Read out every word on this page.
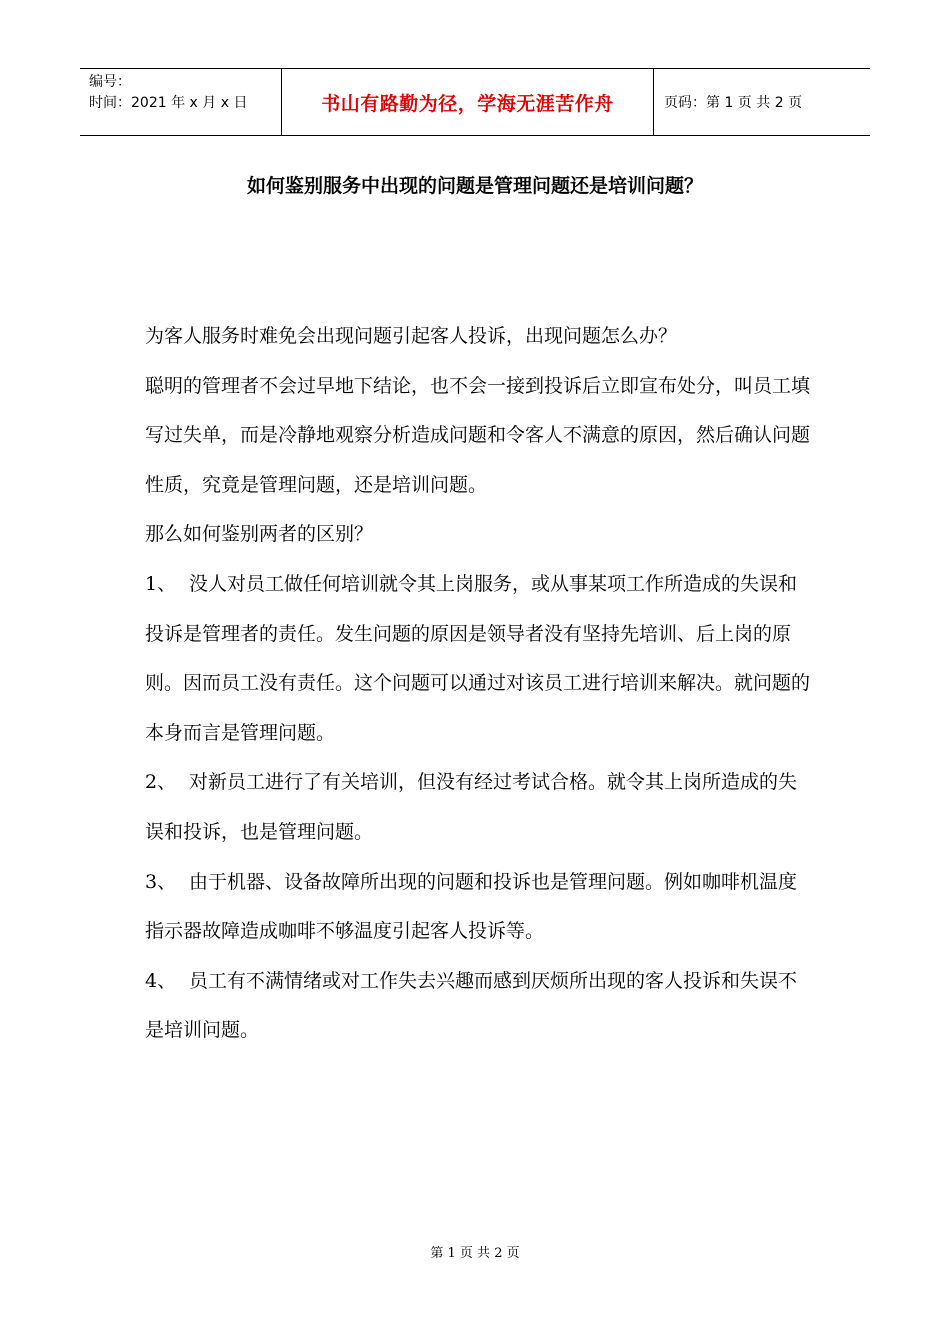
编号：
时间：2021 年 x 月 x 日	书山有路勤为径，学海无涯苦作舟	页码：第 1 页 共 2 页
如何鉴别服务中出现的问题是管理问题还是培训问题？

为客人服务时难免会出现问题引起客人投诉，出现问题怎么办？

聪明的管理者不会过早地下结论，也不会一接到投诉后立即宣布处分，叫员工填写过失单，而是冷静地观察分析造成问题和令客人不满意的原因，然后确认问题性质，究竟是管理问题，还是培训问题。

那么如何鉴别两者的区别？

1、 没人对员工做任何培训就令其上岗服务，或从事某项工作所造成的失误和投诉是管理者的责任。发生问题的原因是领导者没有坚持先培训、后上岗的原则。因而员工没有责任。这个问题可以通过对该员工进行培训来解决。就问题的本身而言是管理问题。

2、 对新员工进行了有关培训，但没有经过考试合格。就令其上岗所造成的失误和投诉，也是管理问题。

3、 由于机器、设备故障所出现的问题和投诉也是管理问题。例如咖啡机温度指示器故障造成咖啡不够温度引起客人投诉等。

4、 员工有不满情绪或对工作失去兴趣而感到厌烦所出现的客人投诉和失误不是培训问题。

第 1 页 共 2 页
